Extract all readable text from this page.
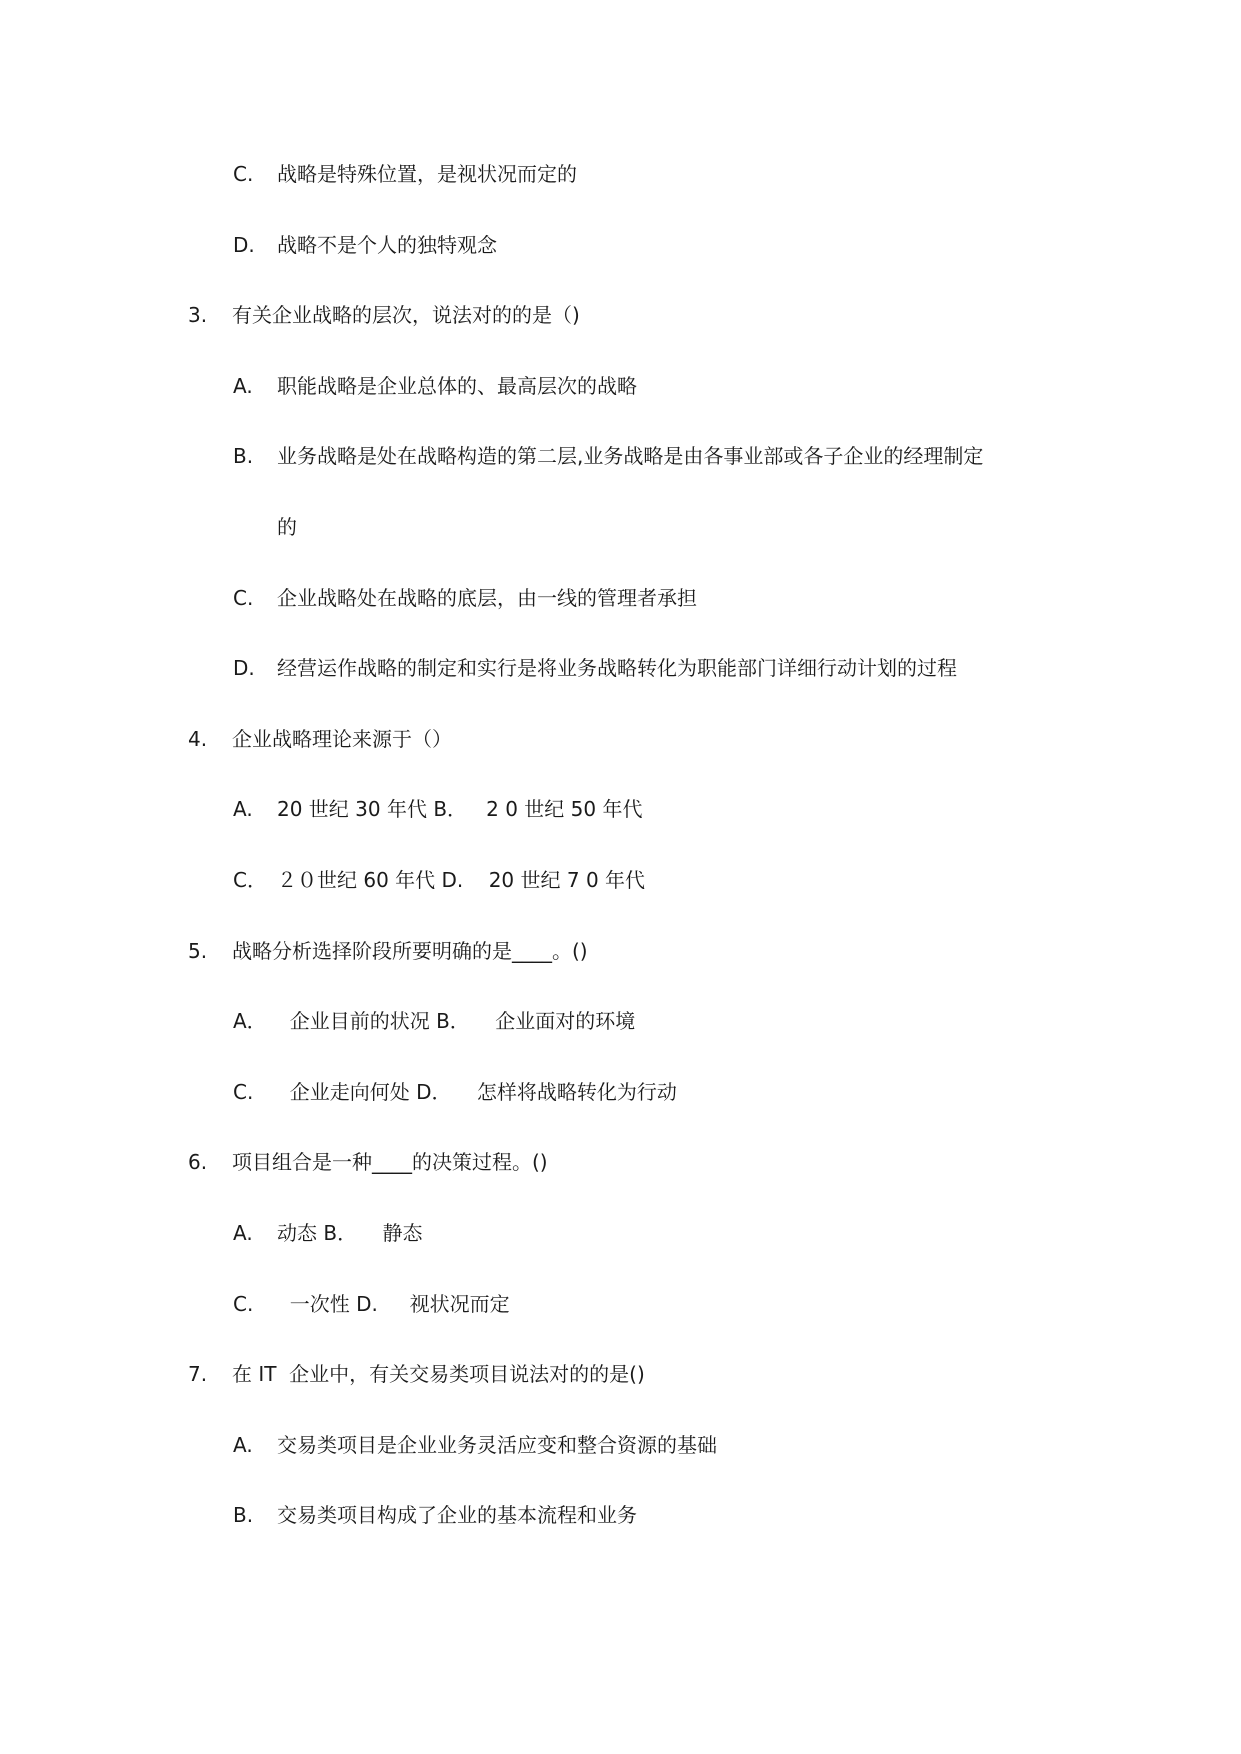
C.	战略是特殊位置，是视状况而定的
D.	战略不是个人的独特观念
3.	有关企业战略的层次，说法对的的是（)
A.	职能战略是企业总体的、最高层次的战略
B.	业务战略是处在战略构造的第二层,业务战略是由各事业部或各子企业的经理制定
的
C.	企业战略处在战略的底层，由一线的管理者承担
D.	经营运作战略的制定和实行是将业务战略转化为职能部门详细行动计划的过程
4.	企业战略理论来源于（）
A.	20 世纪 30 年代 B．   2 0 世纪 50 年代
C． ２０世纪 60 年代 D.    20 世纪 7 0 年代
5.	战略分析选择阶段所要明确的是____。()
A． 企业目前的状况 B．    企业面对的环境
C.	企业走向何处 D．    怎样将战略转化为行动
6.	项目组合是一种____的决策过程。()
A.	动态 B．    静态
C.	一次性 D.     视状况而定
7.	在 IT  企业中，有关交易类项目说法对的的是()
A.	交易类项目是企业业务灵活应变和整合资源的基础
B.	交易类项目构成了企业的基本流程和业务
